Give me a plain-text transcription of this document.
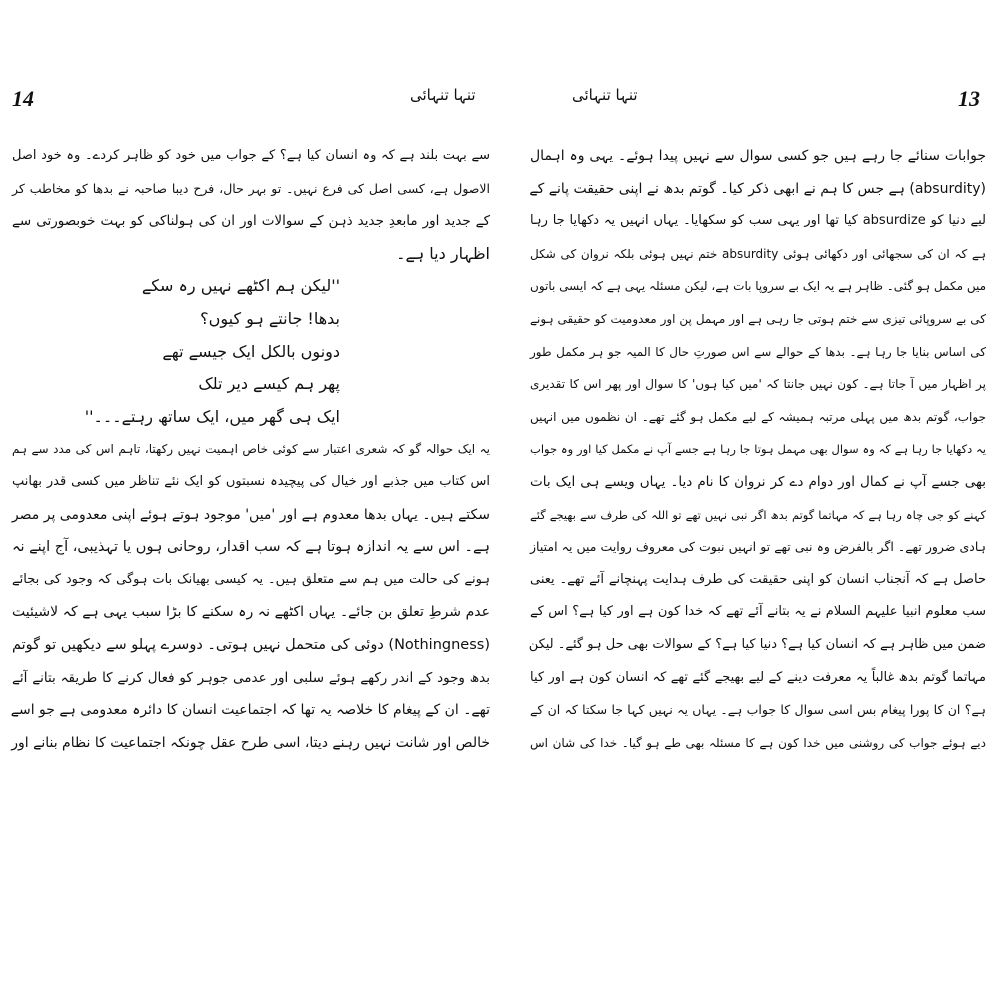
14	تنہا تنہائی
سے بہت بلند ہے کہ وہ انسان کیا ہے؟ کے جواب میں خود کو ظاہر کردے۔ وہ خود اصل
الاصول ہے، کسی اصل کی فرع نہیں۔ تو بہر حال، فرح دیبا صاحبہ نے بدھا کو مخاطب کر
کے جدید اور مابعدِ جدید ذہن کے سوالات اور ان کی ہولناکی کو بہت خوبصورتی سے
اظہار دیا ہے۔
''لیکن ہم اکٹھے نہیں رہ سکے
بدھا! جانتے ہو کیوں؟
دونوں بالکل ایک جیسے تھے
پھر ہم کیسے دیر تلک
ایک ہی گھر میں، ایک ساتھ رہتے۔۔۔''
یہ ایک حوالہ گو کہ شعری اعتبار سے کوئی خاص اہمیت نہیں رکھتا، تاہم اس کی مدد سے ہم
اس کتاب میں جذبے اور خیال کی پیچیدہ نسبتوں کو ایک نئے تناظر میں کسی قدر بھانپ
سکتے ہیں۔ یہاں بدھا معدوم ہے اور 'میں' موجود ہوتے ہوئے اپنی معدومی پر مصر
ہے۔ اس سے یہ اندازہ ہوتا ہے کہ سب اقدار، روحانی ہوں یا تہذیبی، آج اپنے نہ
ہونے کی حالت میں ہم سے متعلق ہیں۔ یہ کیسی بھیانک بات ہوگی کہ وجود کی بجائے
عدم شرطِ تعلق بن جائے۔ یہاں اکٹھے نہ رہ سکنے کا بڑا سبب یہی ہے کہ لاشیئیت
(Nothingness) دوئی کی متحمل نہیں ہوتی۔ دوسرے پہلو سے دیکھیں تو گوتم
بدھ وجود کے اندر رکھے ہوئے سلبی اور عدمی جوہر کو فعال کرنے کا طریقہ بتانے آئے
تھے۔ ان کے پیغام کا خلاصہ یہ تھا کہ اجتماعیت انسان کا دائرہ معدومی ہے جو اسے
خالص اور شانت نہیں رہنے دیتا، اسی طرح عقل چونکہ اجتماعیت کا نظام بنانے اور
تنہا تنہائی	13
جوابات سنائے جا رہے ہیں جو کسی سوال سے نہیں پیدا ہوئے۔ یہی وہ اہمال
(absurdity) ہے جس کا ہم نے ابھی ذکر کیا۔ گوتم بدھ نے اپنی حقیقت پانے کے
لیے دنیا کو absurdize کیا تھا اور یہی سب کو سکھایا۔ یہاں انہیں یہ دکھایا جا رہا
ہے کہ ان کی سجھائی اور دکھائی ہوئی absurdity ختم نہیں ہوئی بلکہ نروان کی شکل
میں مکمل ہو گئی۔ ظاہر ہے یہ ایک بے سروپا بات ہے، لیکن مسئلہ یہی ہے کہ ایسی باتوں
کی بے سروپائی تیزی سے ختم ہوتی جا رہی ہے اور مہمل پن اور معدومیت کو حقیقی ہونے
کی اساس بنایا جا رہا ہے۔ بدھا کے حوالے سے اس صورتِ حال کا المیہ جو ہر مکمل طور
پر اظہار میں آ جاتا ہے۔ کون نہیں جانتا کہ 'میں کیا ہوں' کا سوال اور پھر اس کا تقدیری
جواب، گوتم بدھ میں پہلی مرتبہ ہمیشہ کے لیے مکمل ہو گئے تھے۔ ان نظموں میں انہیں
یہ دکھایا جا رہا ہے کہ وہ سوال بھی مہمل ہوتا جا رہا ہے جسے آپ نے مکمل کیا اور وہ جواب
بھی جسے آپ نے کمال اور دوام دے کر نروان کا نام دیا۔ یہاں ویسے ہی ایک بات
کہنے کو جی چاہ رہا ہے کہ مہاتما گوتم بدھ اگر نبی نہیں تھے تو اللہ کی طرف سے بھیجے گئے
ہادی ضرور تھے۔ اگر بالفرض وہ نبی تھے تو انہیں نبوت کی معروف روایت میں یہ امتیاز
حاصل ہے کہ آنجناب انسان کو اپنی حقیقت کی طرف ہدایت پہنچانے آئے تھے۔ یعنی
سب معلوم انبیا علیہم السلام نے یہ بتانے آئے تھے کہ خدا کون ہے اور کیا ہے؟ اس کے
ضمن میں ظاہر ہے کہ انسان کیا ہے؟ دنیا کیا ہے؟ کے سوالات بھی حل ہو گئے۔ لیکن
مہاتما گوتم بدھ غالباً یہ معرفت دینے کے لیے بھیجے گئے تھے کہ انسان کون ہے اور کیا
ہے؟ ان کا پورا پیغام بس اسی سوال کا جواب ہے۔ یہاں یہ نہیں کہا جا سکتا کہ ان کے
دیے ہوئے جواب کی روشنی میں خدا کون ہے کا مسئلہ بھی طے ہو گیا۔ خدا کی شان اس
